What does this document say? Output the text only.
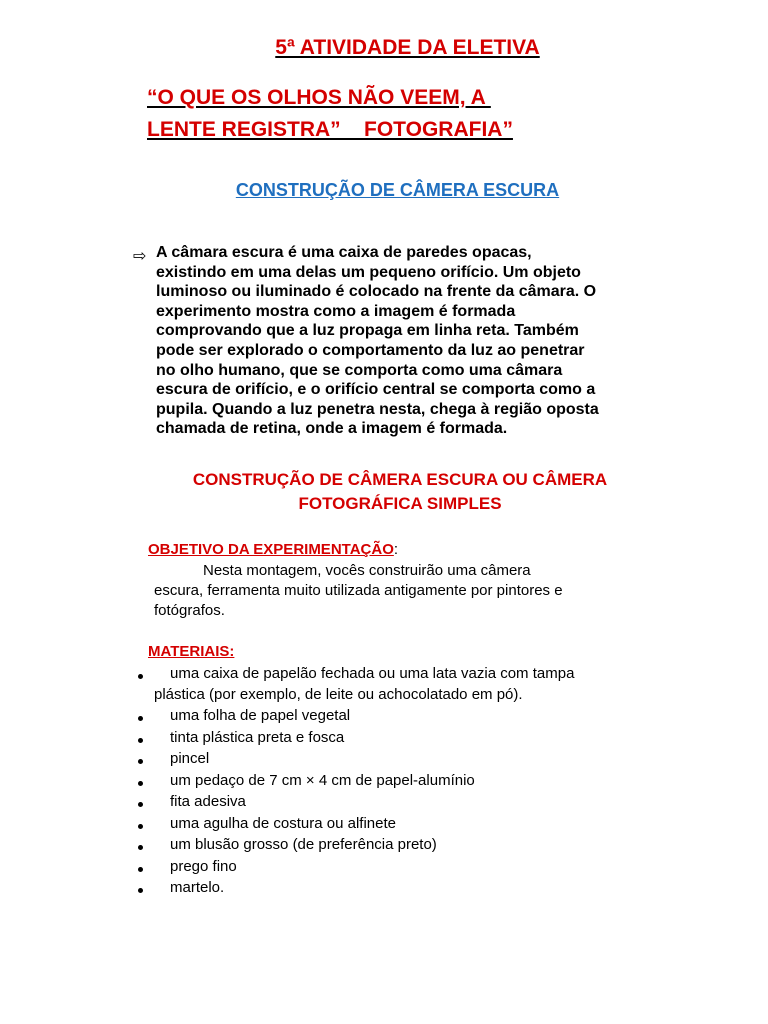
5ª ATIVIDADE DA ELETIVA
“O QUE OS OLHOS NÃO VEEM, A
LENTE REGISTRA”    FOTOGRAFIA”
CONSTRUÇÃO DE CÂMERA ESCURA
⇨ A câmara escura é uma caixa de paredes opacas,
existindo em uma delas um pequeno orifício. Um objeto
luminoso ou iluminado é colocado na frente da câmara. O
experimento mostra como a imagem é formada
comprovando que a luz propaga em linha reta. Também
pode ser explorado o comportamento da luz ao penetrar
no olho humano, que se comporta como uma câmara
escura de orifício, e o orifício central se comporta como a
pupila. Quando a luz penetra nesta, chega à região oposta
chamada de retina, onde a imagem é formada.
CONSTRUÇÃO DE CÂMERA ESCURA OU CÂMERA
FOTOGRÁFICA SIMPLES
OBJETIVO DA EXPERIMENTAÇÃO:
Nesta montagem, vocês construirão uma câmera
escura, ferramenta muito utilizada antigamente por pintores e
fotógrafos.
MATERIAIS:
uma caixa de papelão fechada ou uma lata vazia com tampa
plástica (por exemplo, de leite ou achocolatado em pó).
uma folha de papel vegetal
tinta plástica preta e fosca
pincel
um pedaço de 7 cm × 4 cm de papel-alumínio
fita adesiva
uma agulha de costura ou alfinete
um blusão grosso (de preferência preto)
prego fino
martelo.
